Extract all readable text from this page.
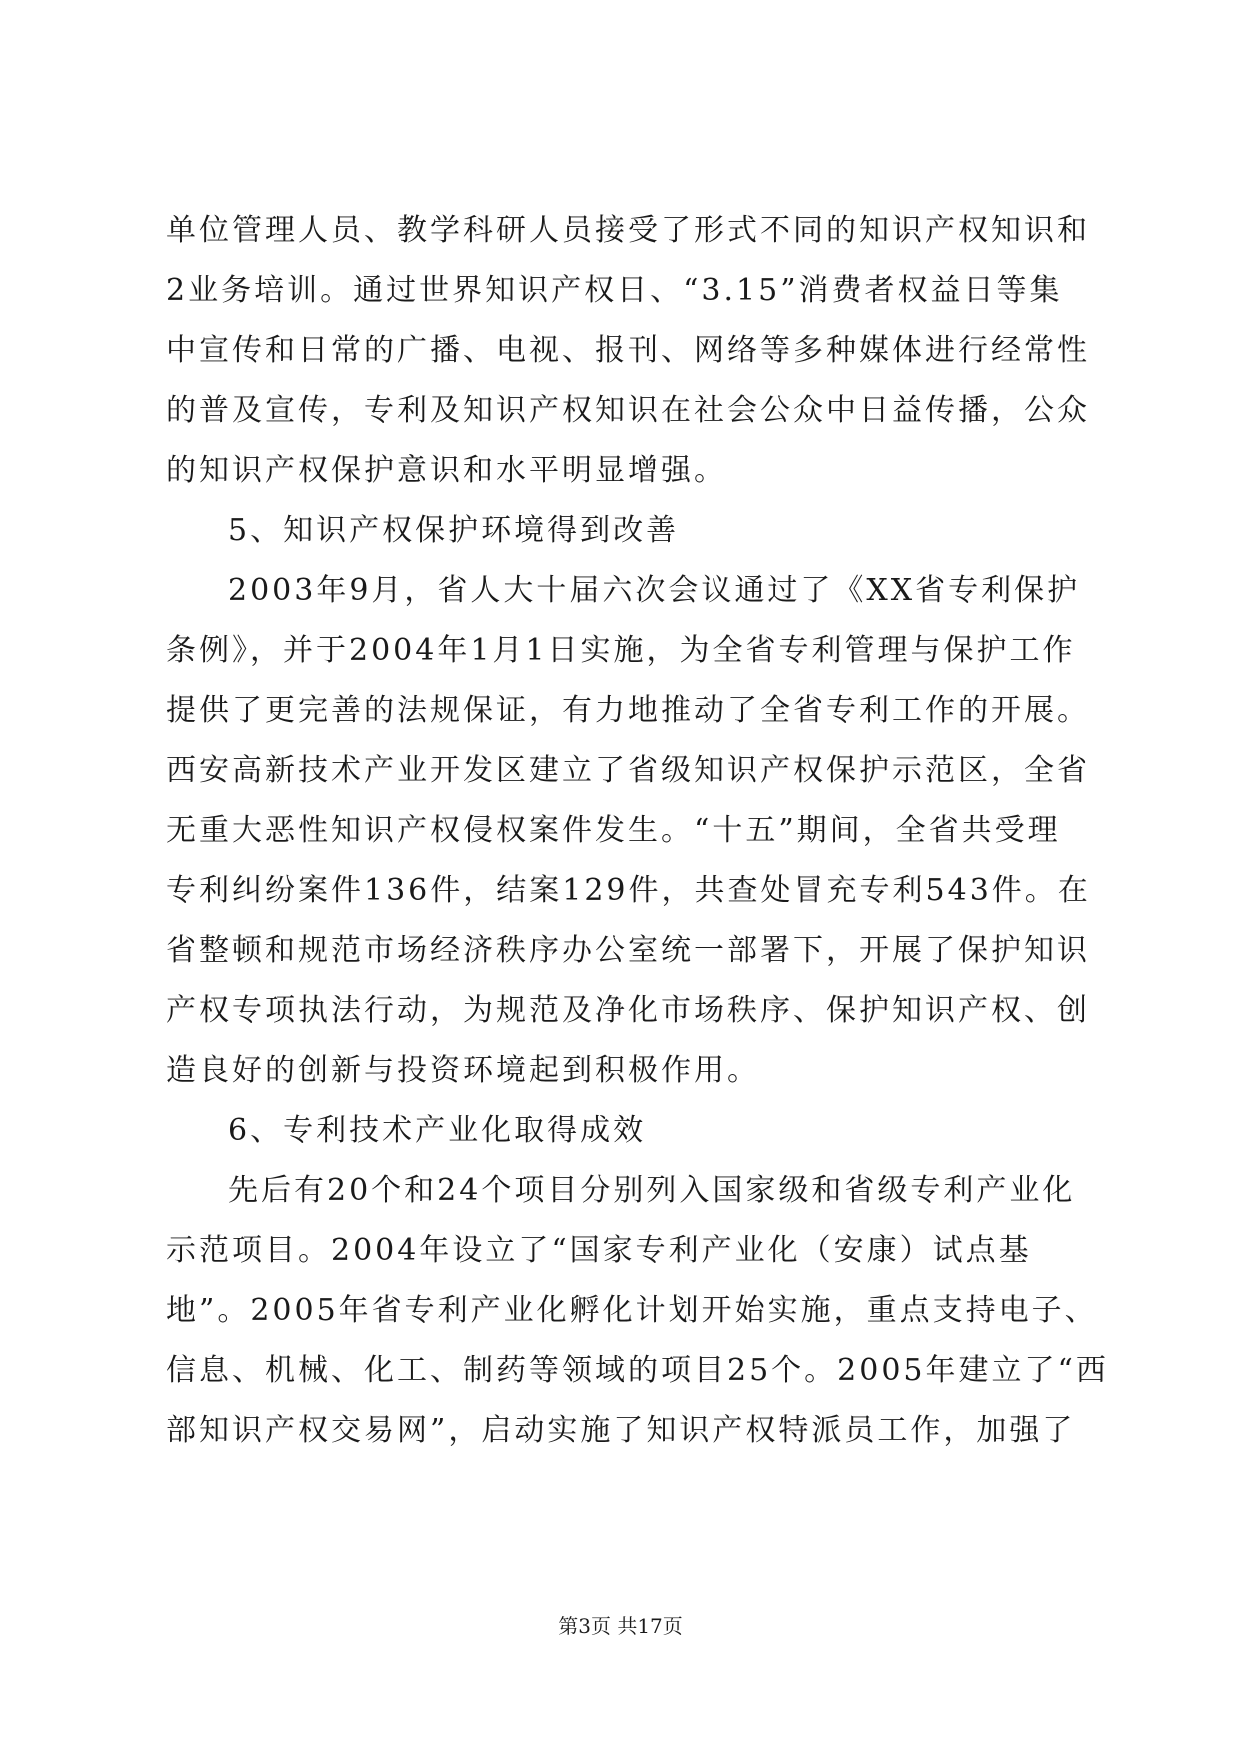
单位管理人员、教学科研人员接受了形式不同的知识产权知识和
2业务培训。通过世界知识产权日、“3.15”消费者权益日等集
中宣传和日常的广播、电视、报刊、网络等多种媒体进行经常性
的普及宣传，专利及知识产权知识在社会公众中日益传播，公众
的知识产权保护意识和水平明显增强。
5、知识产权保护环境得到改善
2003年9月，省人大十届六次会议通过了《XX省专利保护
条例》，并于2004年1月1日实施，为全省专利管理与保护工作
提供了更完善的法规保证，有力地推动了全省专利工作的开展。
西安高新技术产业开发区建立了省级知识产权保护示范区，全省
无重大恶性知识产权侵权案件发生。“十五”期间，全省共受理
专利纠纷案件136件，结案129件，共查处冒充专利543件。在
省整顿和规范市场经济秩序办公室统一部署下，开展了保护知识
产权专项执法行动，为规范及净化市场秩序、保护知识产权、创
造良好的创新与投资环境起到积极作用。
6、专利技术产业化取得成效
先后有20个和24个项目分别列入国家级和省级专利产业化
示范项目。2004年设立了“国家专利产业化（安康）试点基
地”。2005年省专利产业化孵化计划开始实施，重点支持电子、
信息、机械、化工、制药等领域的项目25个。2005年建立了“西
部知识产权交易网”，启动实施了知识产权特派员工作，加强了
第3页 共17页
